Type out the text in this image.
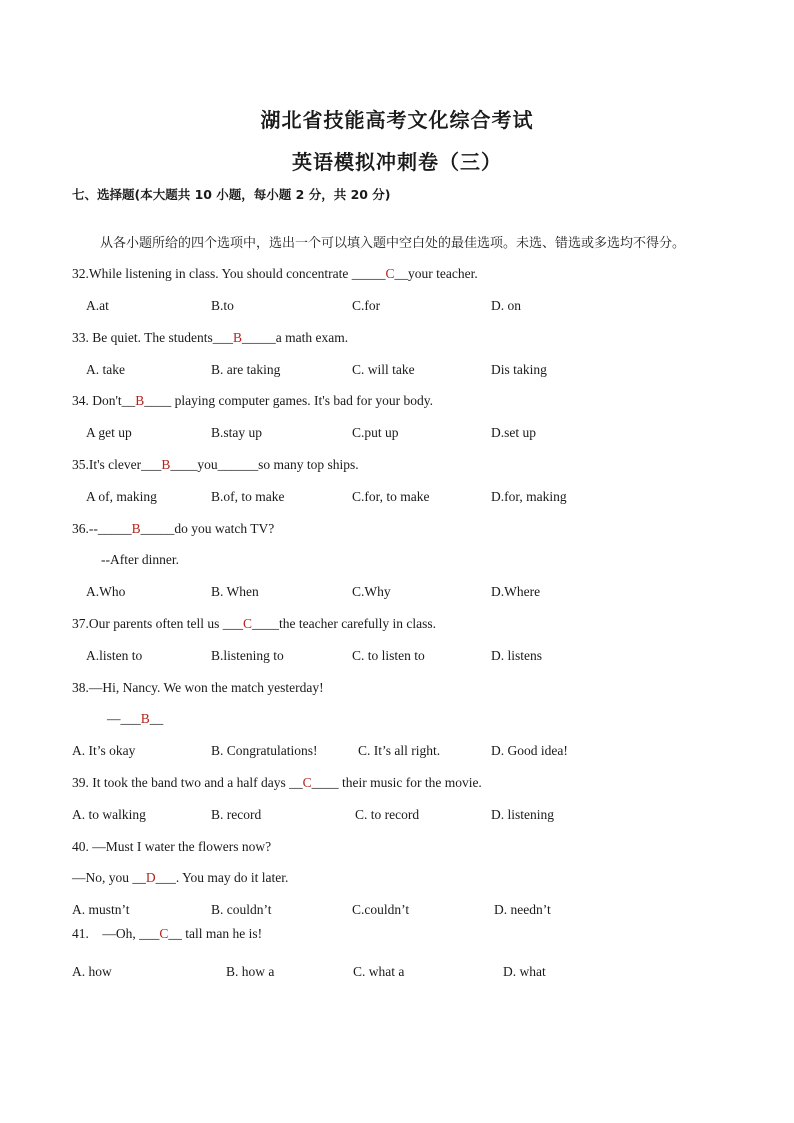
湖北省技能高考文化综合考试
英语模拟冲刺卷（三）
七、选择题(本大题共 10 小题，每小题 2 分，共 20 分)
从各小题所给的四个选项中，选出一个可以填入题中空白处的最佳选项。未选、错选或多选均不得分。
32.While listening in class. You should concentrate _____C__your teacher.
A.at	B.to	C.for	D. on
33. Be quiet. The students___B_____a math exam.
A. take	B. are taking	C. will take	Dis taking
34. Don't__B____ playing computer games. It's bad for your body.
A get up	B.stay up	C.put up	D.set up
35.It's clever___B____you______so many top ships.
A of, making	B.of, to make	C.for, to make	D.for, making
36.--_____B_____do you watch TV?
--After dinner.
A.Who	B. When	C.Why	D.Where
37.Our parents often tell us ___C____the teacher carefully in class.
A.listen to	B.listening to	C. to listen to	D. listens
38.—Hi, Nancy. We won the match yesterday!
—___B__
A. It’s okay	B. Congratulations!	C. It’s all right.	D. Good idea!
39. It took the band two and a half days __C____ their music for the movie.
A. to walking	B. record	C. to record	D. listening
40. —Must I water the flowers now?
—No, you __D___. You may do it later.
A. mustn’t	B. couldn’t	C.couldn’t	D. needn’t
41.    —Oh, ___C__ tall man he is!
A. how	B. how a	C. what a	D. what
